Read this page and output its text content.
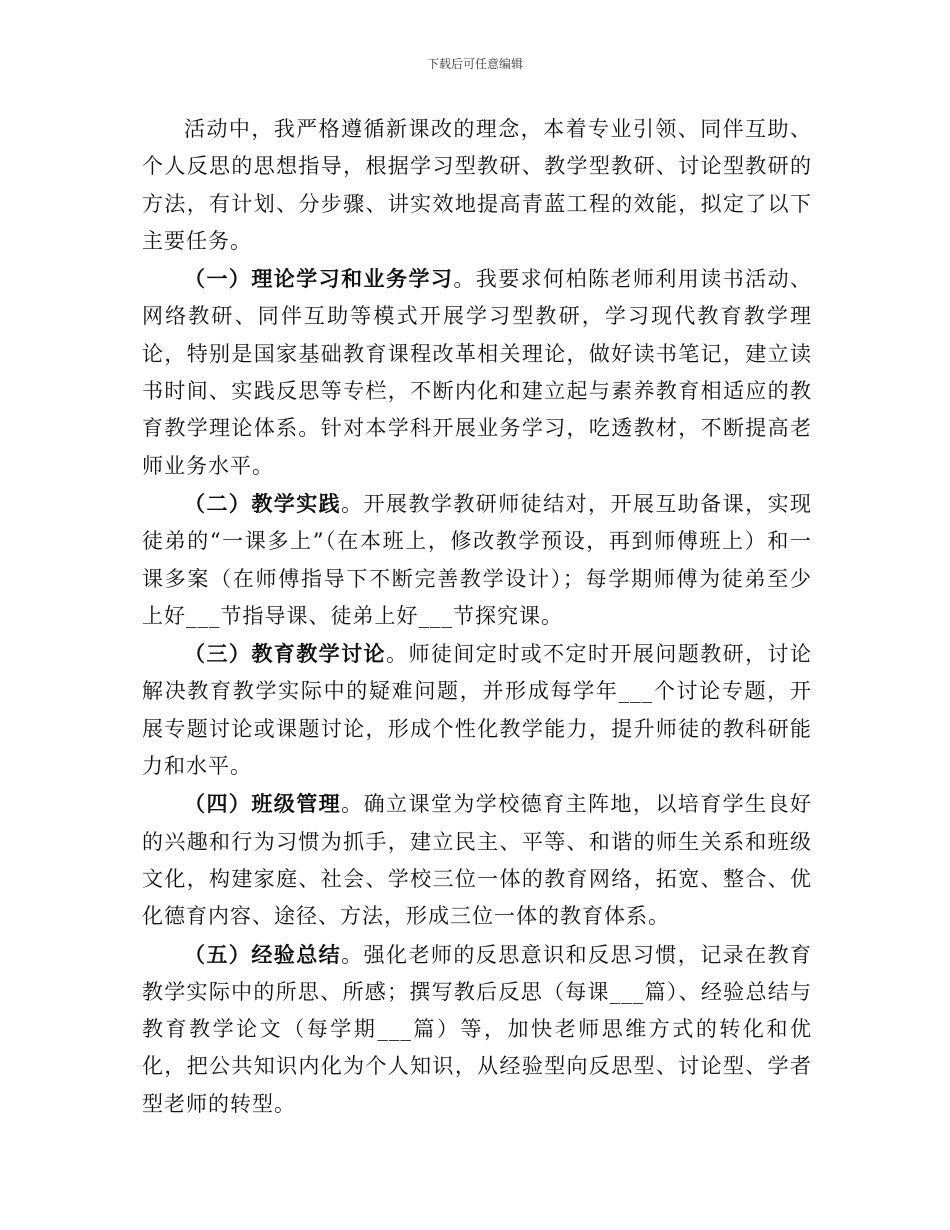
下载后可任意编辑

活动中，我严格遵循新课改的理念，本着专业引领、同伴互助、个人反思的思想指导，根据学习型教研、教学型教研、讨论型教研的方法，有计划、分步骤、讲实效地提高青蓝工程的效能，拟定了以下主要任务。

（一）理论学习和业务学习。我要求何柏陈老师利用读书活动、网络教研、同伴互助等模式开展学习型教研，学习现代教育教学理论，特别是国家基础教育课程改革相关理论，做好读书笔记，建立读书时间、实践反思等专栏，不断内化和建立起与素养教育相适应的教育教学理论体系。针对本学科开展业务学习，吃透教材，不断提高老师业务水平。

（二）教学实践。开展教学教研师徒结对，开展互助备课，实现徒弟的“一课多上”（在本班上，修改教学预设，再到师傅班上）和一课多案（在师傅指导下不断完善教学设计）；每学期师傅为徒弟至少上好___节指导课、徒弟上好___节探究课。

（三）教育教学讨论。师徒间定时或不定时开展问题教研，讨论解决教育教学实际中的疑难问题，并形成每学年___个讨论专题，开展专题讨论或课题讨论，形成个性化教学能力，提升师徒的教科研能力和水平。

（四）班级管理。确立课堂为学校德育主阵地，以培育学生良好的兴趣和行为习惯为抓手，建立民主、平等、和谐的师生关系和班级文化，构建家庭、社会、学校三位一体的教育网络，拓宽、整合、优化德育内容、途径、方法，形成三位一体的教育体系。

（五）经验总结。强化老师的反思意识和反思习惯，记录在教育教学实际中的所思、所感；撰写教后反思（每课___篇）、经验总结与教育教学论文（每学期___篇）等，加快老师思维方式的转化和优化，把公共知识内化为个人知识，从经验型向反思型、讨论型、学者型老师的转型。
